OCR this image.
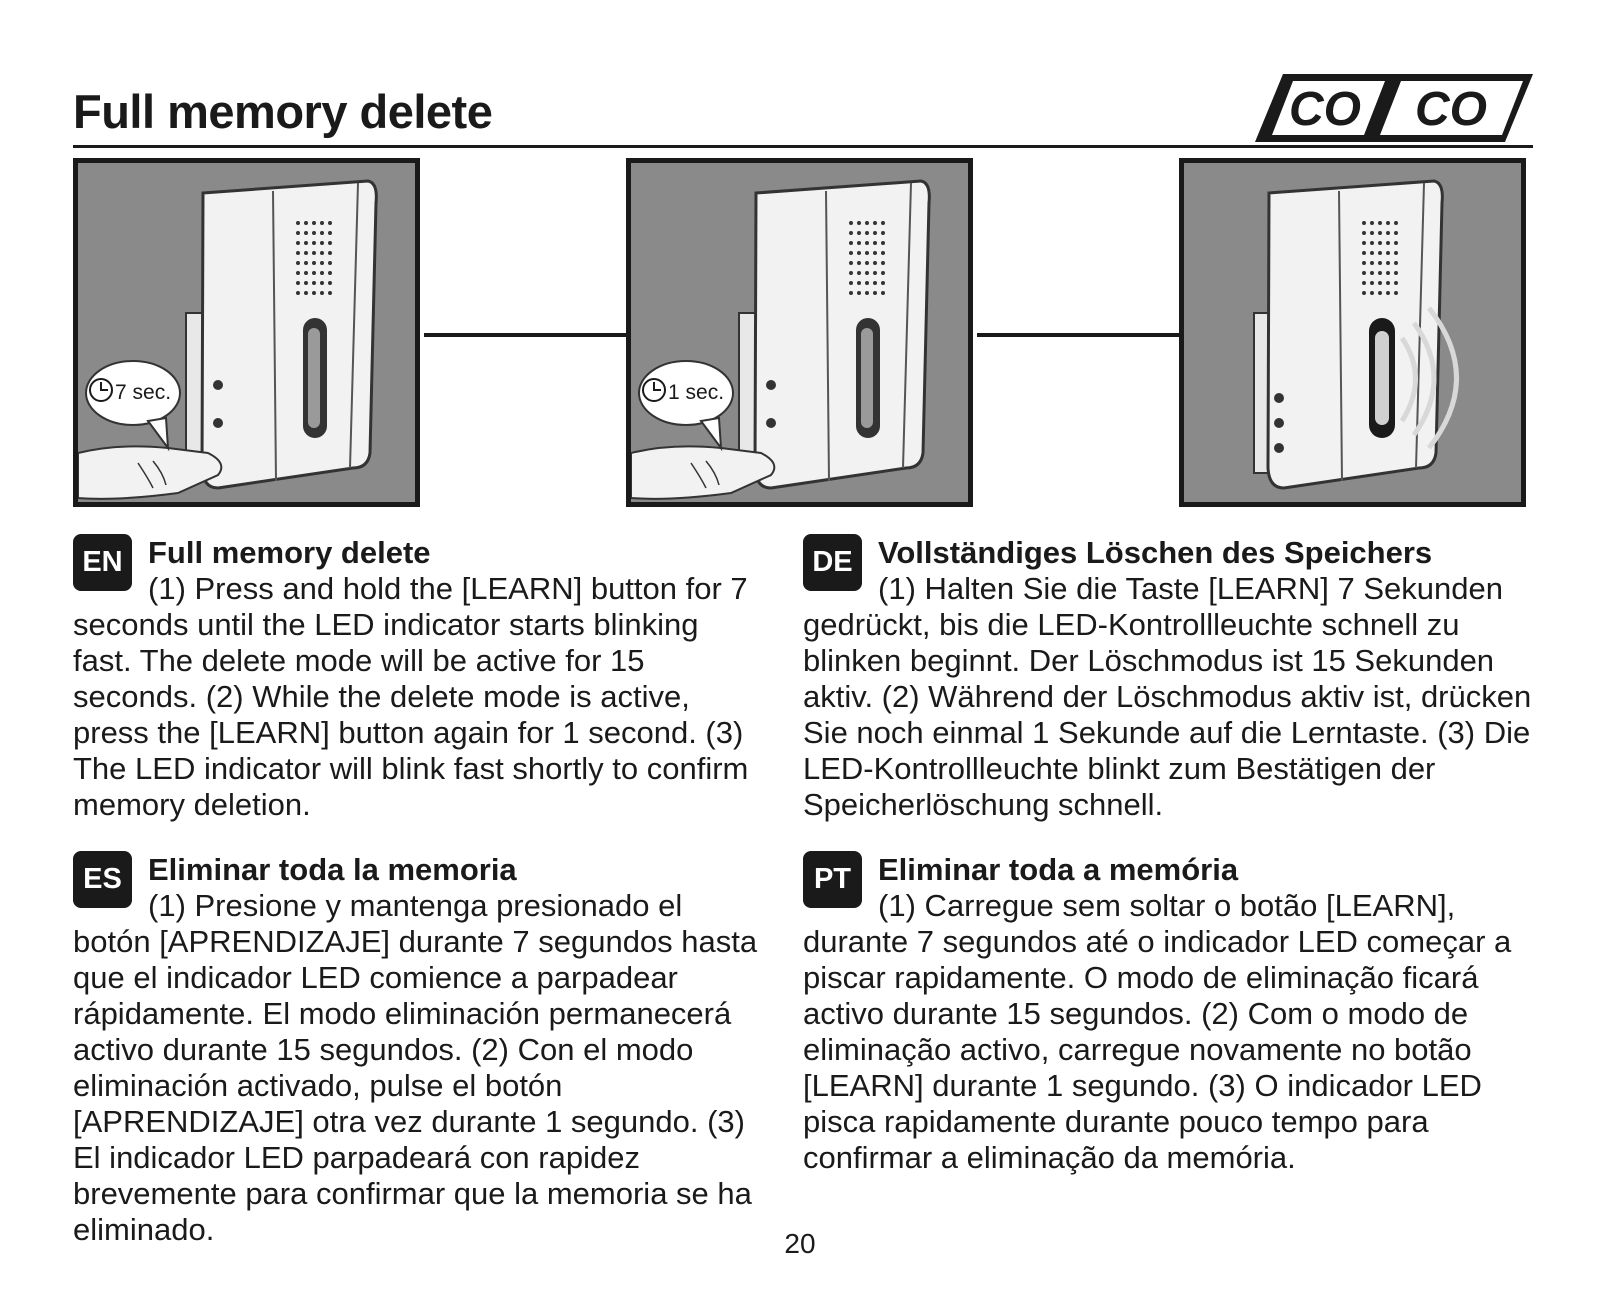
Full memory delete	CO CO
7 sec.	1 sec.
EN Full memory delete
(1) Press and hold the [LEARN] button for 7 seconds until the LED indicator starts blinking fast. The delete mode will be active for 15 seconds. (2) While the delete mode is active, press the [LEARN] button again for 1 second. (3) The LED indicator will blink fast shortly to confirm memory deletion.
DE Vollständiges Löschen des Speichers
(1) Halten Sie die Taste [LEARN] 7 Sekunden gedrückt, bis die LED-Kontrollleuchte schnell zu blinken beginnt. Der Löschmodus ist 15 Sekunden aktiv. (2) Während der Löschmodus aktiv ist, drücken Sie noch einmal 1 Sekunde auf die Lerntaste. (3) Die LED-Kontrollleuchte blinkt zum Bestätigen der Speicherlöschung schnell.
ES Eliminar toda la memoria
(1) Presione y mantenga presionado el botón [APRENDIZAJE] durante 7 segundos hasta que el indicador LED comience a parpadear rápidamente. El modo eliminación permanecerá activo durante 15 segundos. (2) Con el modo eliminación activado, pulse el botón [APRENDIZAJE] otra vez durante 1 segundo. (3) El indicador LED parpadeará con rapidez brevemente para confirmar que la memoria se ha eliminado.
PT Eliminar toda a memória
(1) Carregue sem soltar o botão [LEARN], durante 7 segundos até o indicador LED começar a piscar rapidamente. O modo de eliminação ficará activo durante 15 segundos. (2) Com o modo de eliminação activo, carregue novamente no botão [LEARN] durante 1 segundo. (3) O indicador LED pisca rapidamente durante pouco tempo para confirmar a eliminação da memória.
20
